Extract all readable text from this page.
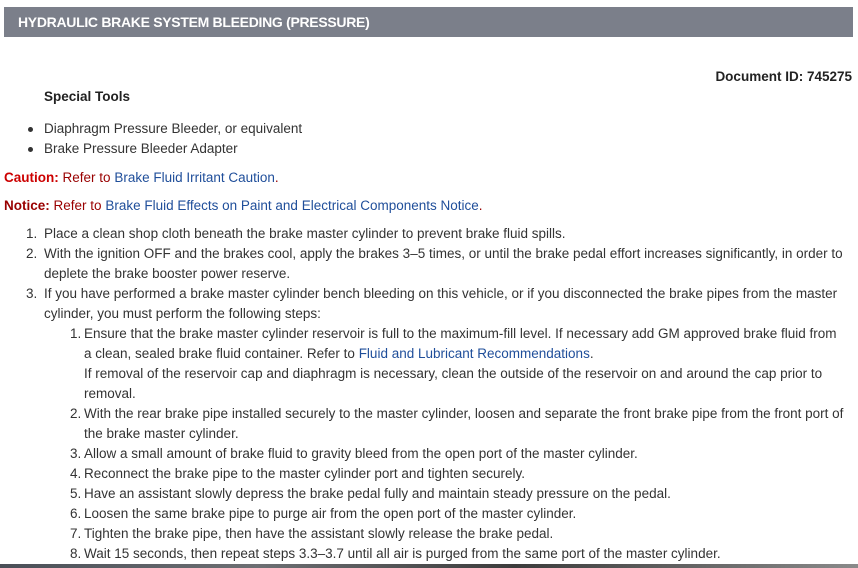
HYDRAULIC BRAKE SYSTEM BLEEDING (PRESSURE)
Document ID: 745275
Special Tools
Diaphragm Pressure Bleeder, or equivalent
Brake Pressure Bleeder Adapter
Caution: Refer to Brake Fluid Irritant Caution.
Notice: Refer to Brake Fluid Effects on Paint and Electrical Components Notice.
1. Place a clean shop cloth beneath the brake master cylinder to prevent brake fluid spills.
2. With the ignition OFF and the brakes cool, apply the brakes 3–5 times, or until the brake pedal effort increases significantly, in order to deplete the brake booster power reserve.
3. If you have performed a brake master cylinder bench bleeding on this vehicle, or if you disconnected the brake pipes from the master cylinder, you must perform the following steps:
1. Ensure that the brake master cylinder reservoir is full to the maximum-fill level. If necessary add GM approved brake fluid from a clean, sealed brake fluid container. Refer to Fluid and Lubricant Recommendations.
If removal of the reservoir cap and diaphragm is necessary, clean the outside of the reservoir on and around the cap prior to removal.
2. With the rear brake pipe installed securely to the master cylinder, loosen and separate the front brake pipe from the front port of the brake master cylinder.
3. Allow a small amount of brake fluid to gravity bleed from the open port of the master cylinder.
4. Reconnect the brake pipe to the master cylinder port and tighten securely.
5. Have an assistant slowly depress the brake pedal fully and maintain steady pressure on the pedal.
6. Loosen the same brake pipe to purge air from the open port of the master cylinder.
7. Tighten the brake pipe, then have the assistant slowly release the brake pedal.
8. Wait 15 seconds, then repeat steps 3.3–3.7 until all air is purged from the same port of the master cylinder.
